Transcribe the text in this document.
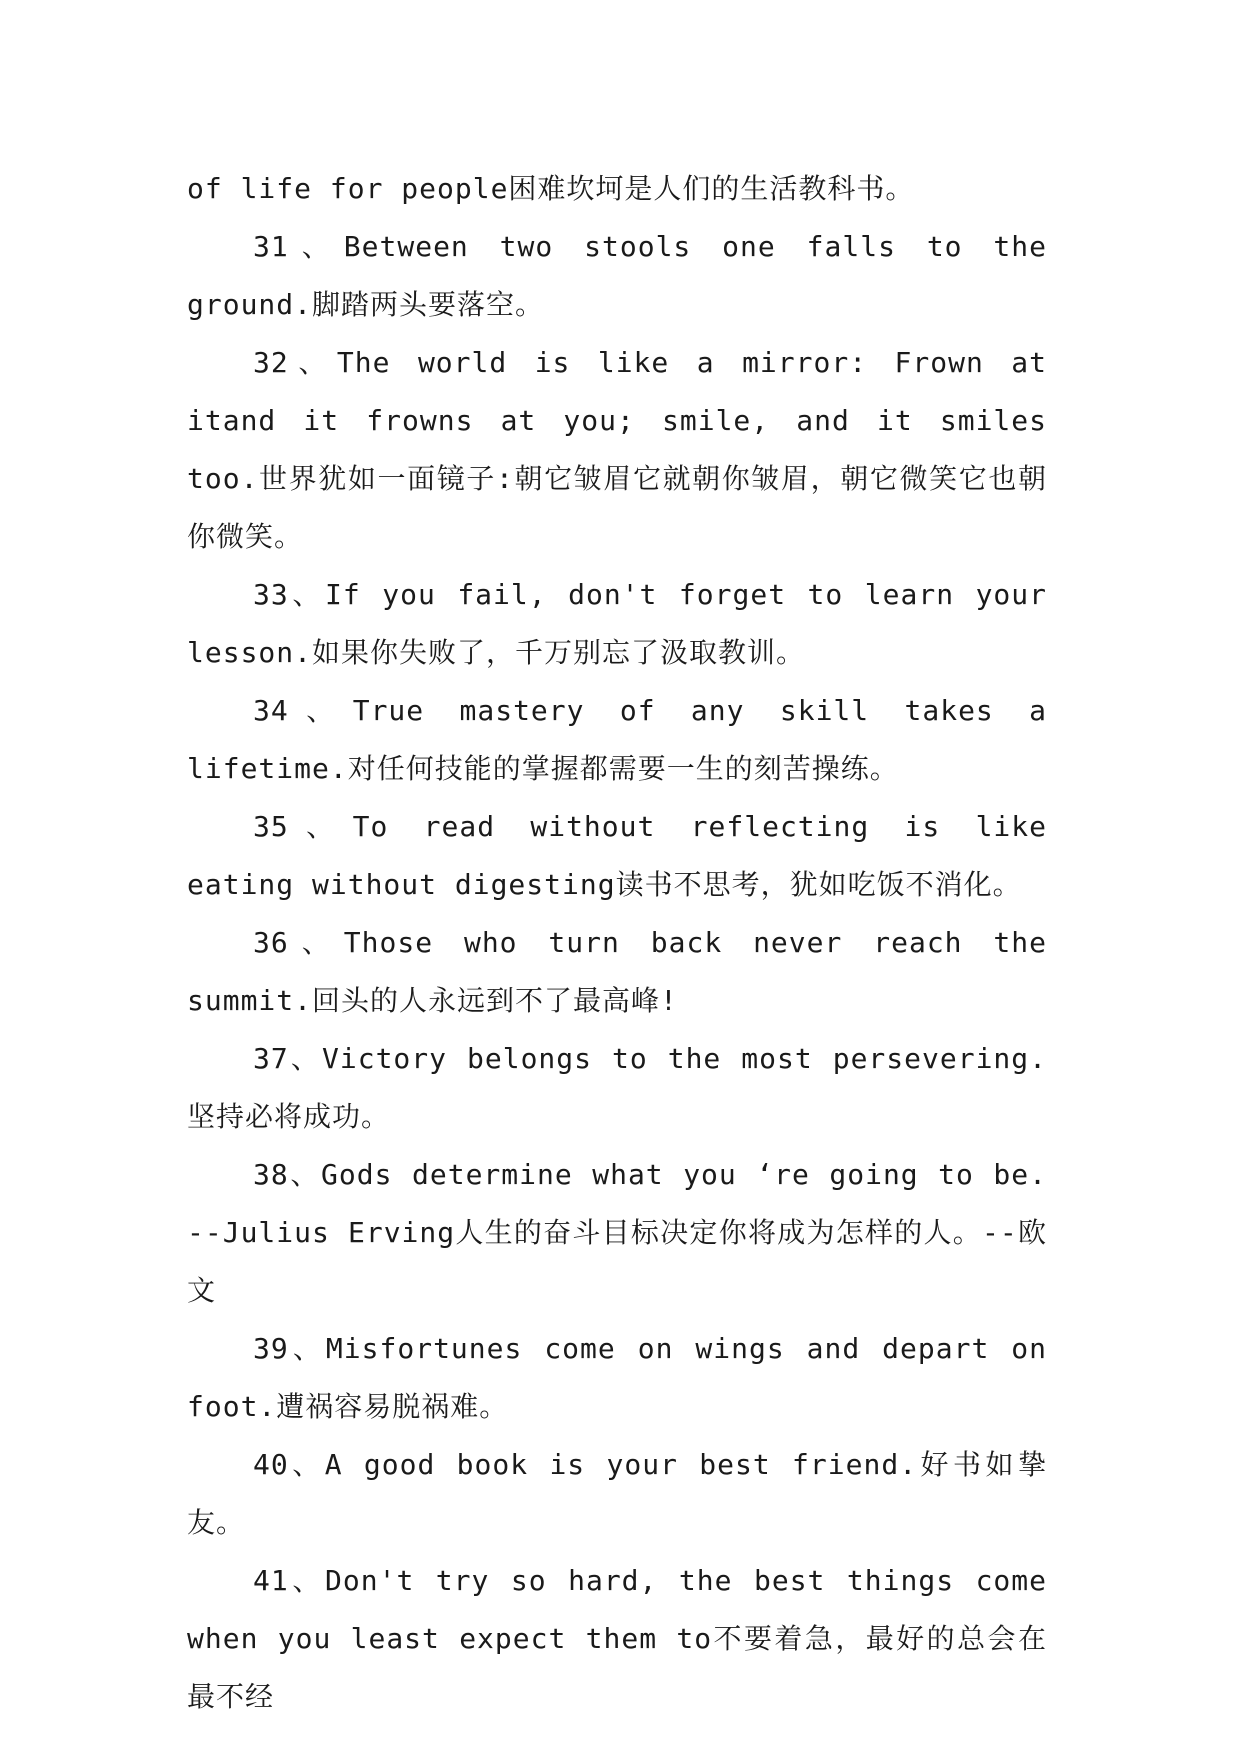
of life for people困难坎坷是人们的生活教科书。

31、Between two stools one falls to the ground.脚踏两头要落空。

32、The world is like a mirror: Frown at itand it frowns at you; smile, and it smiles too.世界犹如一面镜子:朝它皱眉它就朝你皱眉，朝它微笑它也朝你微笑。

33、If you fail, don't forget to learn your lesson.如果你失败了，千万别忘了汲取教训。

34、True mastery of any skill takes a lifetime.对任何技能的掌握都需要一生的刻苦操练。

35、To read without reflecting is like eating without digesting读书不思考，犹如吃饭不消化。

36、Those who turn back never reach the summit.回头的人永远到不了最高峰!

37、Victory belongs to the most persevering.坚持必将成功。

38、Gods determine what you ‘re going to be. --Julius Erving人生的奋斗目标决定你将成为怎样的人。--欧文

39、Misfortunes come on wings and depart on foot.遭祸容易脱祸难。

40、A good book is your best friend.好书如挚友。

41、Don't try so hard, the best things come when you least expect them to不要着急，最好的总会在最不经
